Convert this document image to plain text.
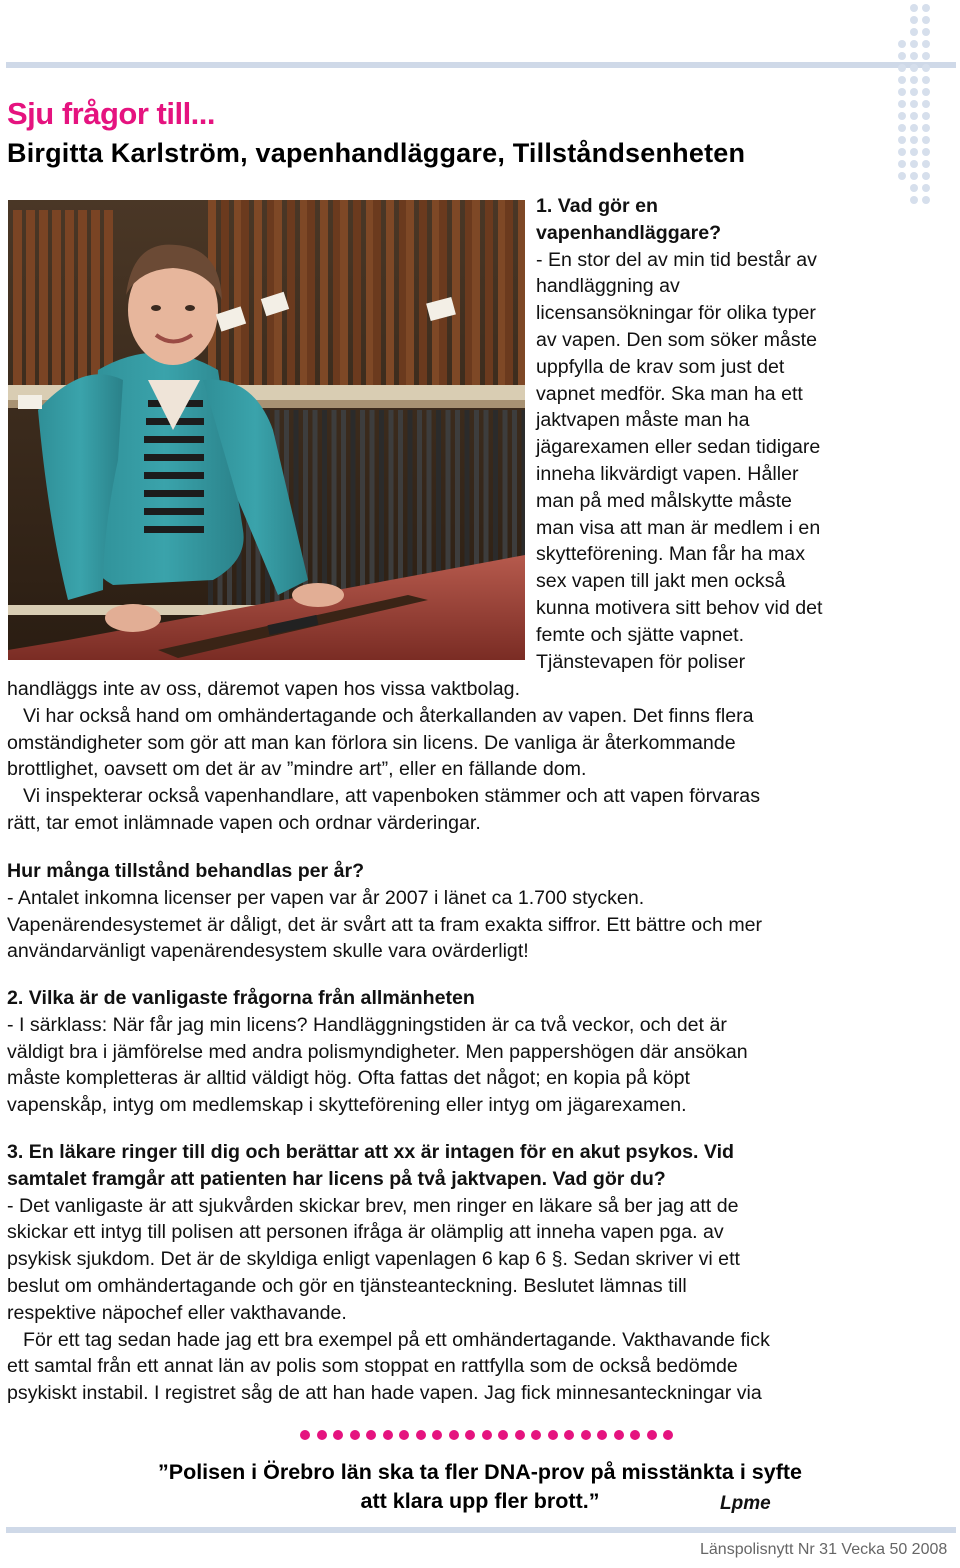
Sju frågor till...
Birgitta Karlström, vapenhandläggare, Tillståndsenheten
1. Vad gör en
vapenhandläggare?
- En stor del av min tid består av
handläggning av
licensansökningar för olika typer
av vapen. Den som söker måste
uppfylla de krav som just det
vapnet medför. Ska man ha ett
jaktvapen måste man ha
jägarexamen eller sedan tidigare
inneha likvärdigt vapen. Håller
man på med målskytte måste
man visa att man är medlem i en
skytteförening. Man får ha max
sex vapen till jakt men också
kunna motivera sitt behov vid det
femte och sjätte vapnet.
Tjänstevapen för poliser
handläggs inte av oss, däremot vapen hos vissa vaktbolag.
Vi har också hand om omhändertagande och återkallanden av vapen. Det finns flera
omständigheter som gör att man kan förlora sin licens. De vanliga är återkommande
brottlighet, oavsett om det är av ”mindre art”, eller en fällande dom.
Vi inspekterar också vapenhandlare, att vapenboken stämmer och att vapen förvaras
rätt, tar emot inlämnade vapen och ordnar värderingar.
Hur många tillstånd behandlas per år?
- Antalet inkomna licenser per vapen var år 2007 i länet ca 1.700 stycken.
Vapenärendesystemet är dåligt, det är svårt att ta fram exakta siffror. Ett bättre och mer
användarvänligt vapenärendesystem skulle vara ovärderligt!
2. Vilka är de vanligaste frågorna från allmänheten
- I särklass: När får jag min licens? Handläggningstiden är ca två veckor, och det är
väldigt bra i jämförelse med andra polismyndigheter. Men pappershögen där ansökan
måste kompletteras är alltid väldigt hög. Ofta fattas det något; en kopia på köpt
vapenskåp, intyg om medlemskap i skytteförening eller intyg om jägarexamen.
3. En läkare ringer till dig och berättar att xx är intagen för en akut psykos. Vid
samtalet framgår att patienten har licens på två jaktvapen. Vad gör du?
- Det vanligaste är att sjukvården skickar brev, men ringer en läkare så ber jag att de
skickar ett intyg till polisen att personen ifråga är olämplig att inneha vapen pga. av
psykisk sjukdom. Det är de skyldiga enligt vapenlagen 6 kap 6 §. Sedan skriver vi ett
beslut om omhändertagande och gör en tjänsteanteckning. Beslutet lämnas till
respektive näpochef eller vakthavande.
För ett tag sedan hade jag ett bra exempel på ett omhändertagande. Vakthavande fick
ett samtal från ett annat län av polis som stoppat en rattfylla som de också bedömde
psykiskt instabil. I registret såg de att han hade vapen. Jag fick minnesanteckningar via
”Polisen i Örebro län ska ta fler DNA-prov på misstänkta i syfte
att klara upp fler brott.”	Lpme
Länspolisnytt Nr 31 Vecka 50 2008
